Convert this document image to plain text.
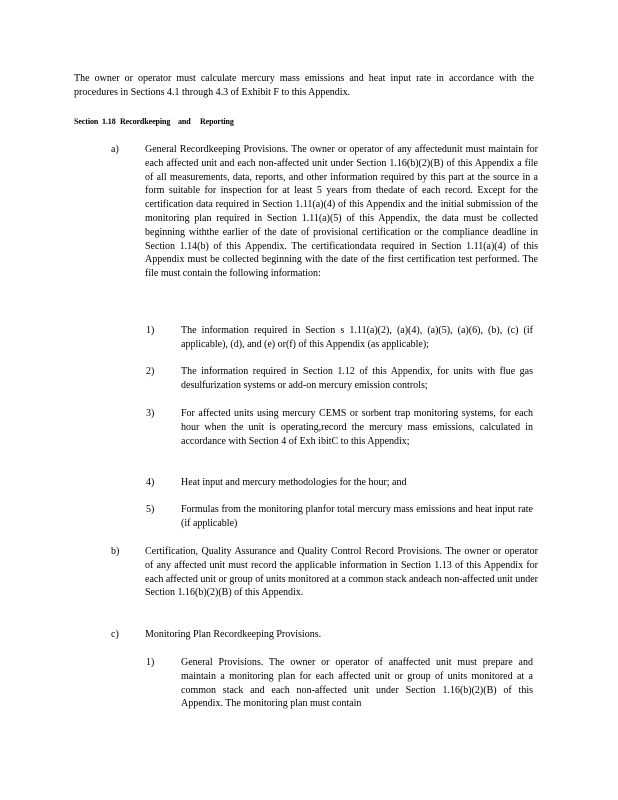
The owner or operator must calculate mercury mass emissions and heat input rate in accordance with the procedures in Sections 4.1 through 4.3 of Exhibit F to this Appendix.

Section 1.18 Recordkeeping and Reporting
a)	General Recordkeeping Provisions. The owner or operator of any affectedunit must maintain for each affected unit and each non-affected unit under Section 1.16(b)(2)(B) of this Appendix a file of all measurements, data, reports, and other information required by this part at the source in a form suitable for inspection for at least 5 years from thedate of each record. Except for the certification data required in Section 1.11(a)(4) of this Appendix and the initial submission of the monitoring plan required in Section 1.11(a)(5) of this Appendix, the data must be collected beginning withthe earlier of the date of provisional certification or the compliance deadline in Section 1.14(b) of this Appendix. The certificationdata required in Section 1.11(a)(4) of this Appendix must be collected beginning with the date of the first certification test performed. The file must contain the following information:
1)	The information required in Section s 1.11(a)(2), (a)(4), (a)(5), (a)(6), (b), (c) (if applicable), (d), and (e) or(f) of this Appendix (as applicable);
2)	The information required in Section 1.12 of this Appendix, for units with flue gas desulfurization systems or add-on mercury emission controls;
3)	For affected units using mercury CEMS or sorbent trap monitoring systems, for each hour when the unit is operating,record the mercury mass emissions, calculated in accordance with Section 4 of Exh ibitC to this Appendix;
4)	Heat input and mercury methodologies for the hour; and
5)	Formulas from the monitoring planfor total mercury mass emissions and heat input rate (if applicable)
b)	Certification, Quality Assurance and Quality Control Record Provisions. The owner or operator of any affected unit must record the applicable information in Section 1.13 of this Appendix for each affected unit or group of units monitored at a common stack andeach non-affected unit under Section 1.16(b)(2)(B) of this Appendix.
c)	Monitoring Plan Recordkeeping Provisions.
1)	General Provisions. The owner or operator of anaffected unit must prepare and maintain a monitoring plan for each affected unit or group of units monitored at a common stack and each non-affected unit under Section 1.16(b)(2)(B) of this Appendix. The monitoring plan must contain
